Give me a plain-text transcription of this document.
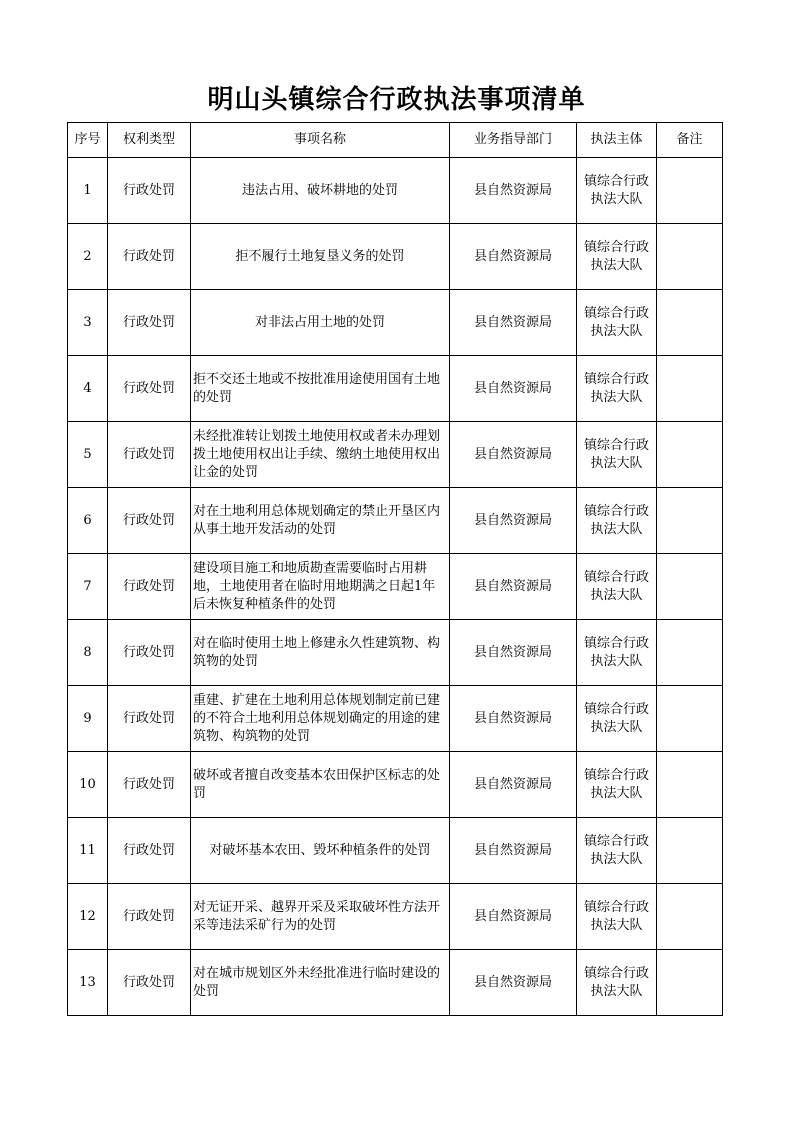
明山头镇综合行政执法事项清单
序号	权利类型	事项名称	业务指导部门	执法主体	备注
1	行政处罚	违法占用、破坏耕地的处罚	县自然资源局	镇综合行政执法大队	
2	行政处罚	拒不履行土地复垦义务的处罚	县自然资源局	镇综合行政执法大队	
3	行政处罚	对非法占用土地的处罚	县自然资源局	镇综合行政执法大队	
4	行政处罚	拒不交还土地或不按批准用途使用国有土地的处罚	县自然资源局	镇综合行政执法大队	
5	行政处罚	未经批准转让划拨土地使用权或者未办理划拨土地使用权出让手续、缴纳土地使用权出让金的处罚	县自然资源局	镇综合行政执法大队	
6	行政处罚	对在土地利用总体规划确定的禁止开垦区内从事土地开发活动的处罚	县自然资源局	镇综合行政执法大队	
7	行政处罚	建设项目施工和地质勘查需要临时占用耕地，土地使用者在临时用地期满之日起1年后未恢复种植条件的处罚	县自然资源局	镇综合行政执法大队	
8	行政处罚	对在临时使用土地上修建永久性建筑物、构筑物的处罚	县自然资源局	镇综合行政执法大队	
9	行政处罚	重建、扩建在土地利用总体规划制定前已建的不符合土地利用总体规划确定的用途的建筑物、构筑物的处罚	县自然资源局	镇综合行政执法大队	
10	行政处罚	破坏或者擅自改变基本农田保护区标志的处罚	县自然资源局	镇综合行政执法大队	
11	行政处罚	对破坏基本农田、毁坏种植条件的处罚	县自然资源局	镇综合行政执法大队	
12	行政处罚	对无证开采、越界开采及采取破坏性方法开采等违法采矿行为的处罚	县自然资源局	镇综合行政执法大队	
13	行政处罚	对在城市规划区外未经批准进行临时建设的处罚	县自然资源局	镇综合行政执法大队	
